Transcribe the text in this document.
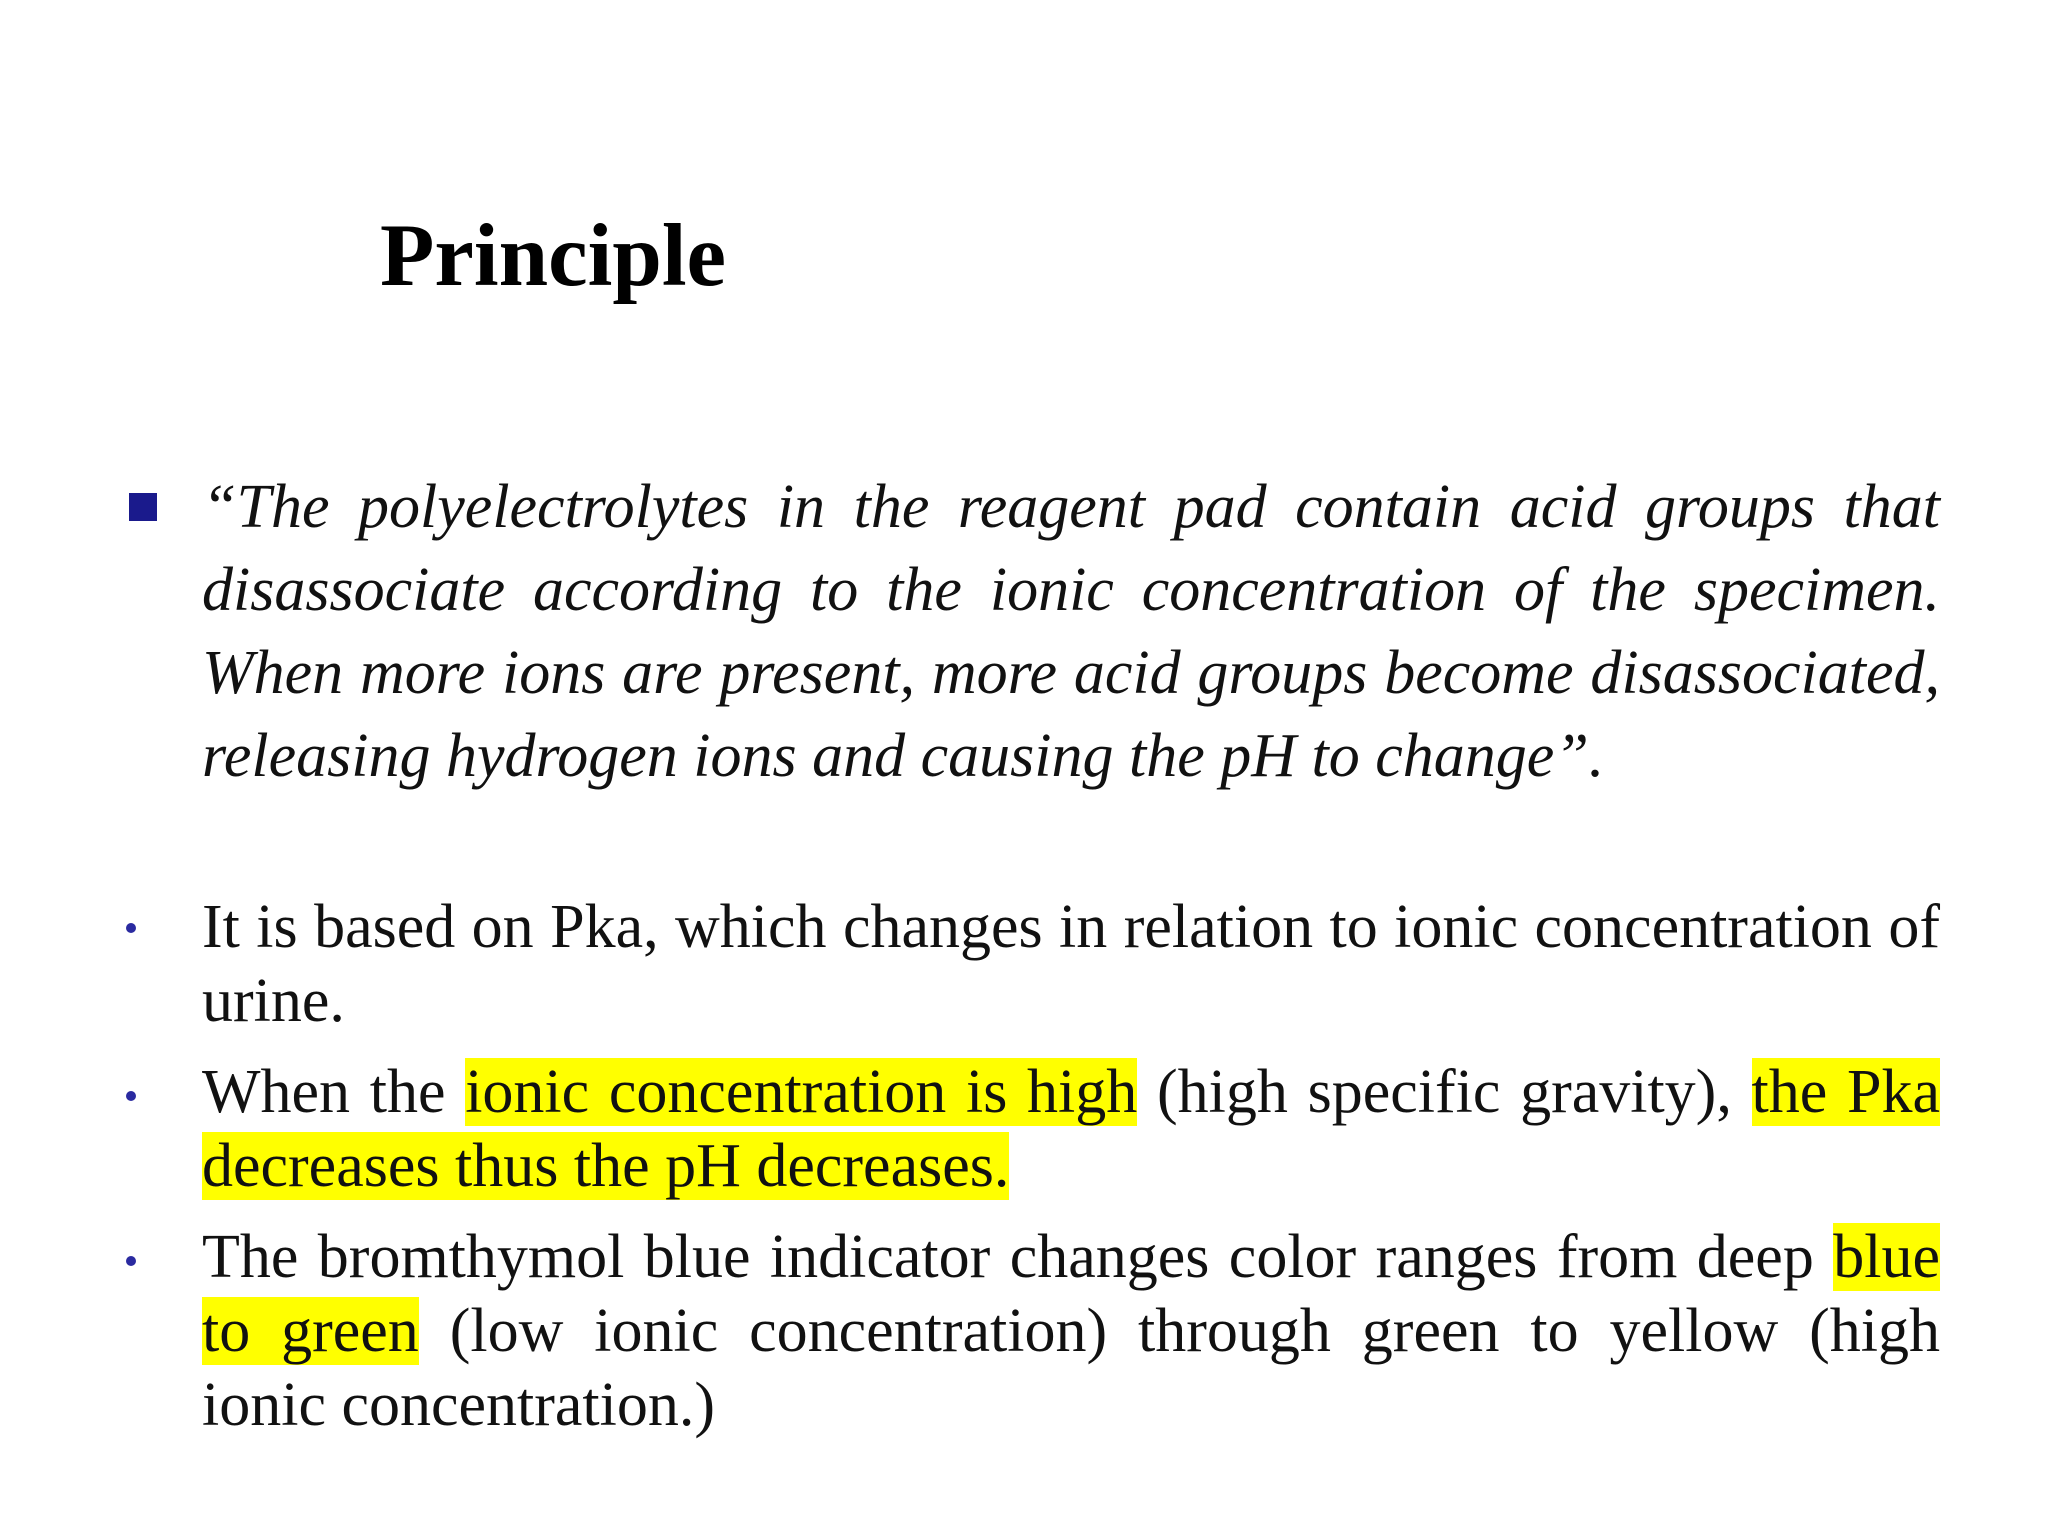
Principle

“The polyelectrolytes in the reagent pad contain acid groups that disassociate according to the ionic concentration of the specimen. When more ions are present, more acid groups become disassociated, releasing hydrogen ions and causing the pH to change”.

It is based on Pka, which changes in relation to ionic concentration of urine.

When the ionic concentration is high (high specific gravity), the Pka decreases thus the pH decreases.

The bromthymol blue indicator changes color ranges from deep blue to green (low ionic concentration) through green to yellow (high ionic concentration.)
